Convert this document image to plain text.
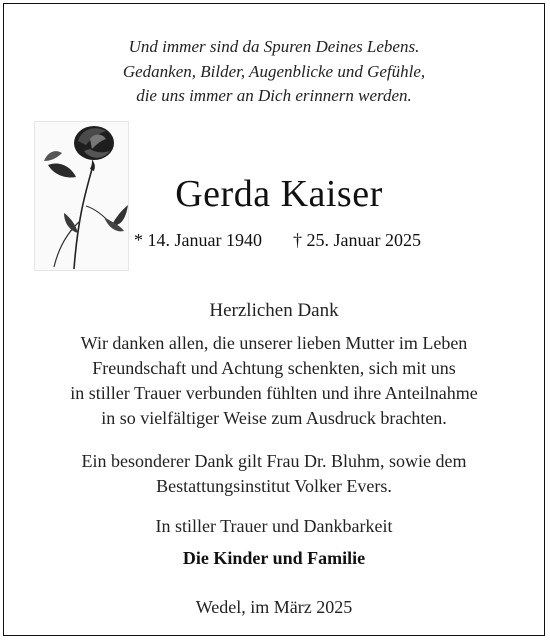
Und immer sind da Spuren Deines Lebens.
Gedanken, Bilder, Augenblicke und Gefühle,
die uns immer an Dich erinnern werden.
Gerda Kaiser
* 14. Januar 1940 † 25. Januar 2025
Herzlichen Dank
Wir danken allen, die unserer lieben Mutter im Leben
Freundschaft und Achtung schenkten, sich mit uns
in stiller Trauer verbunden fühlten und ihre Anteilnahme
in so vielfältiger Weise zum Ausdruck brachten.
Ein besonderer Dank gilt Frau Dr. Bluhm, sowie dem
Bestattungsinstitut Volker Evers.
In stiller Trauer und Dankbarkeit
Die Kinder und Familie
Wedel, im März 2025
